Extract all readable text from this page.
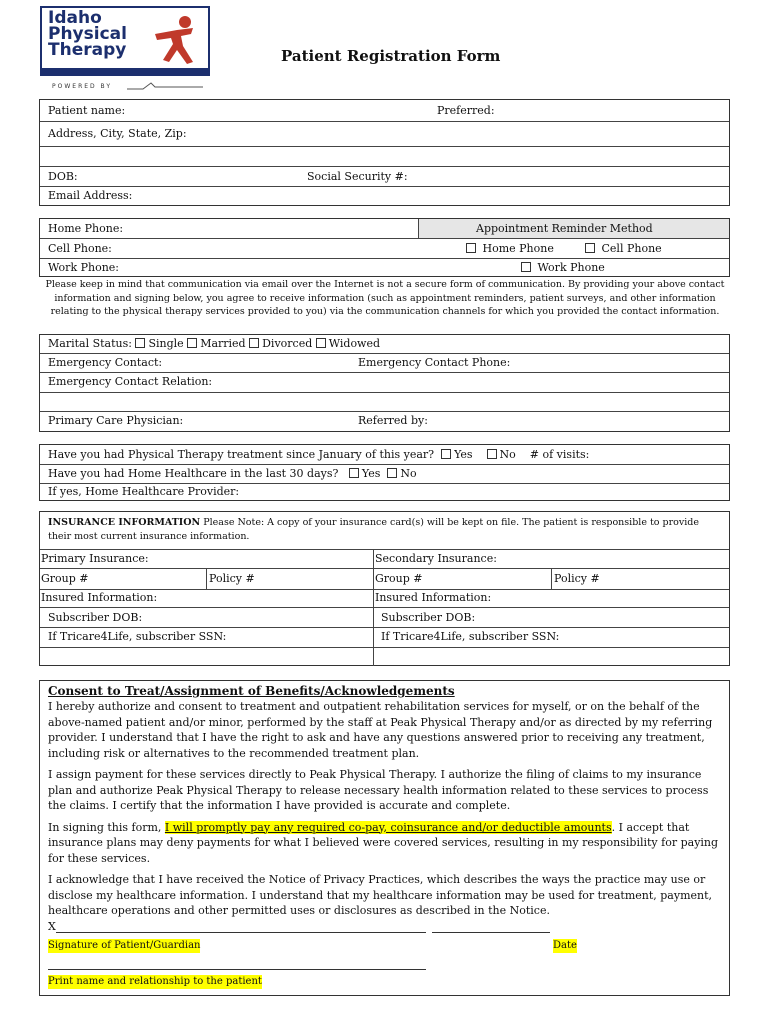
Idaho
Physical
Therapy
POWERED BY
Patient Registration Form
Patient name:	Preferred:
Address, City, State, Zip:
DOB:	Social Security #:
Email Address:
Home Phone:	Appointment Reminder Method
Cell Phone:	Home Phone	Cell Phone
Work Phone:	Work Phone
Please keep in mind that communication via email over the Internet is not a secure form of communication. By providing your above contact information and signing below, you agree to receive information (such as appointment reminders, patient surveys, and other information relating to the physical therapy services provided to you) via the communication channels for which you provided the contact information.
Marital Status: Single Married Divorced Widowed
Emergency Contact:	Emergency Contact Phone:
Emergency Contact Relation:
Primary Care Physician:	Referred by:
Have you had Physical Therapy treatment since January of this year? Yes No # of visits:
Have you had Home Healthcare in the last 30 days? Yes No
If yes, Home Healthcare Provider:
INSURANCE INFORMATION Please Note: A copy of your insurance card(s) will be kept on file. The patient is responsible to provide their most current insurance information.
Primary Insurance:	Secondary Insurance:
Group #	Policy #	Group #	Policy #
Insured Information:	Insured Information:
Subscriber DOB:	Subscriber DOB:
If Tricare4Life, subscriber SSN:	If Tricare4Life, subscriber SSN:
Consent to Treat/Assignment of Benefits/Acknowledgements

I hereby authorize and consent to treatment and outpatient rehabilitation services for myself, or on the behalf of the above-named patient and/or minor, performed by the staff at Peak Physical Therapy and/or as directed by my referring provider. I understand that I have the right to ask and have any questions answered prior to receiving any treatment, including risk or alternatives to the recommended treatment plan.

I assign payment for these services directly to Peak Physical Therapy. I authorize the filing of claims to my insurance plan and authorize Peak Physical Therapy to release necessary health information related to these services to process the claims. I certify that the information I have provided is accurate and complete.

In signing this form, I will promptly pay any required co-pay, coinsurance and/or deductible amounts. I accept that insurance plans may deny payments for what I believed were covered services, resulting in my responsibility for paying for these services.

I acknowledge that I have received the Notice of Privacy Practices, which describes the ways the practice may use or disclose my healthcare information. I understand that my healthcare information may be used for treatment, payment, healthcare operations and other permitted uses or disclosures as described in the Notice.

X
Signature of Patient/Guardian	Date
Print name and relationship to the patient
